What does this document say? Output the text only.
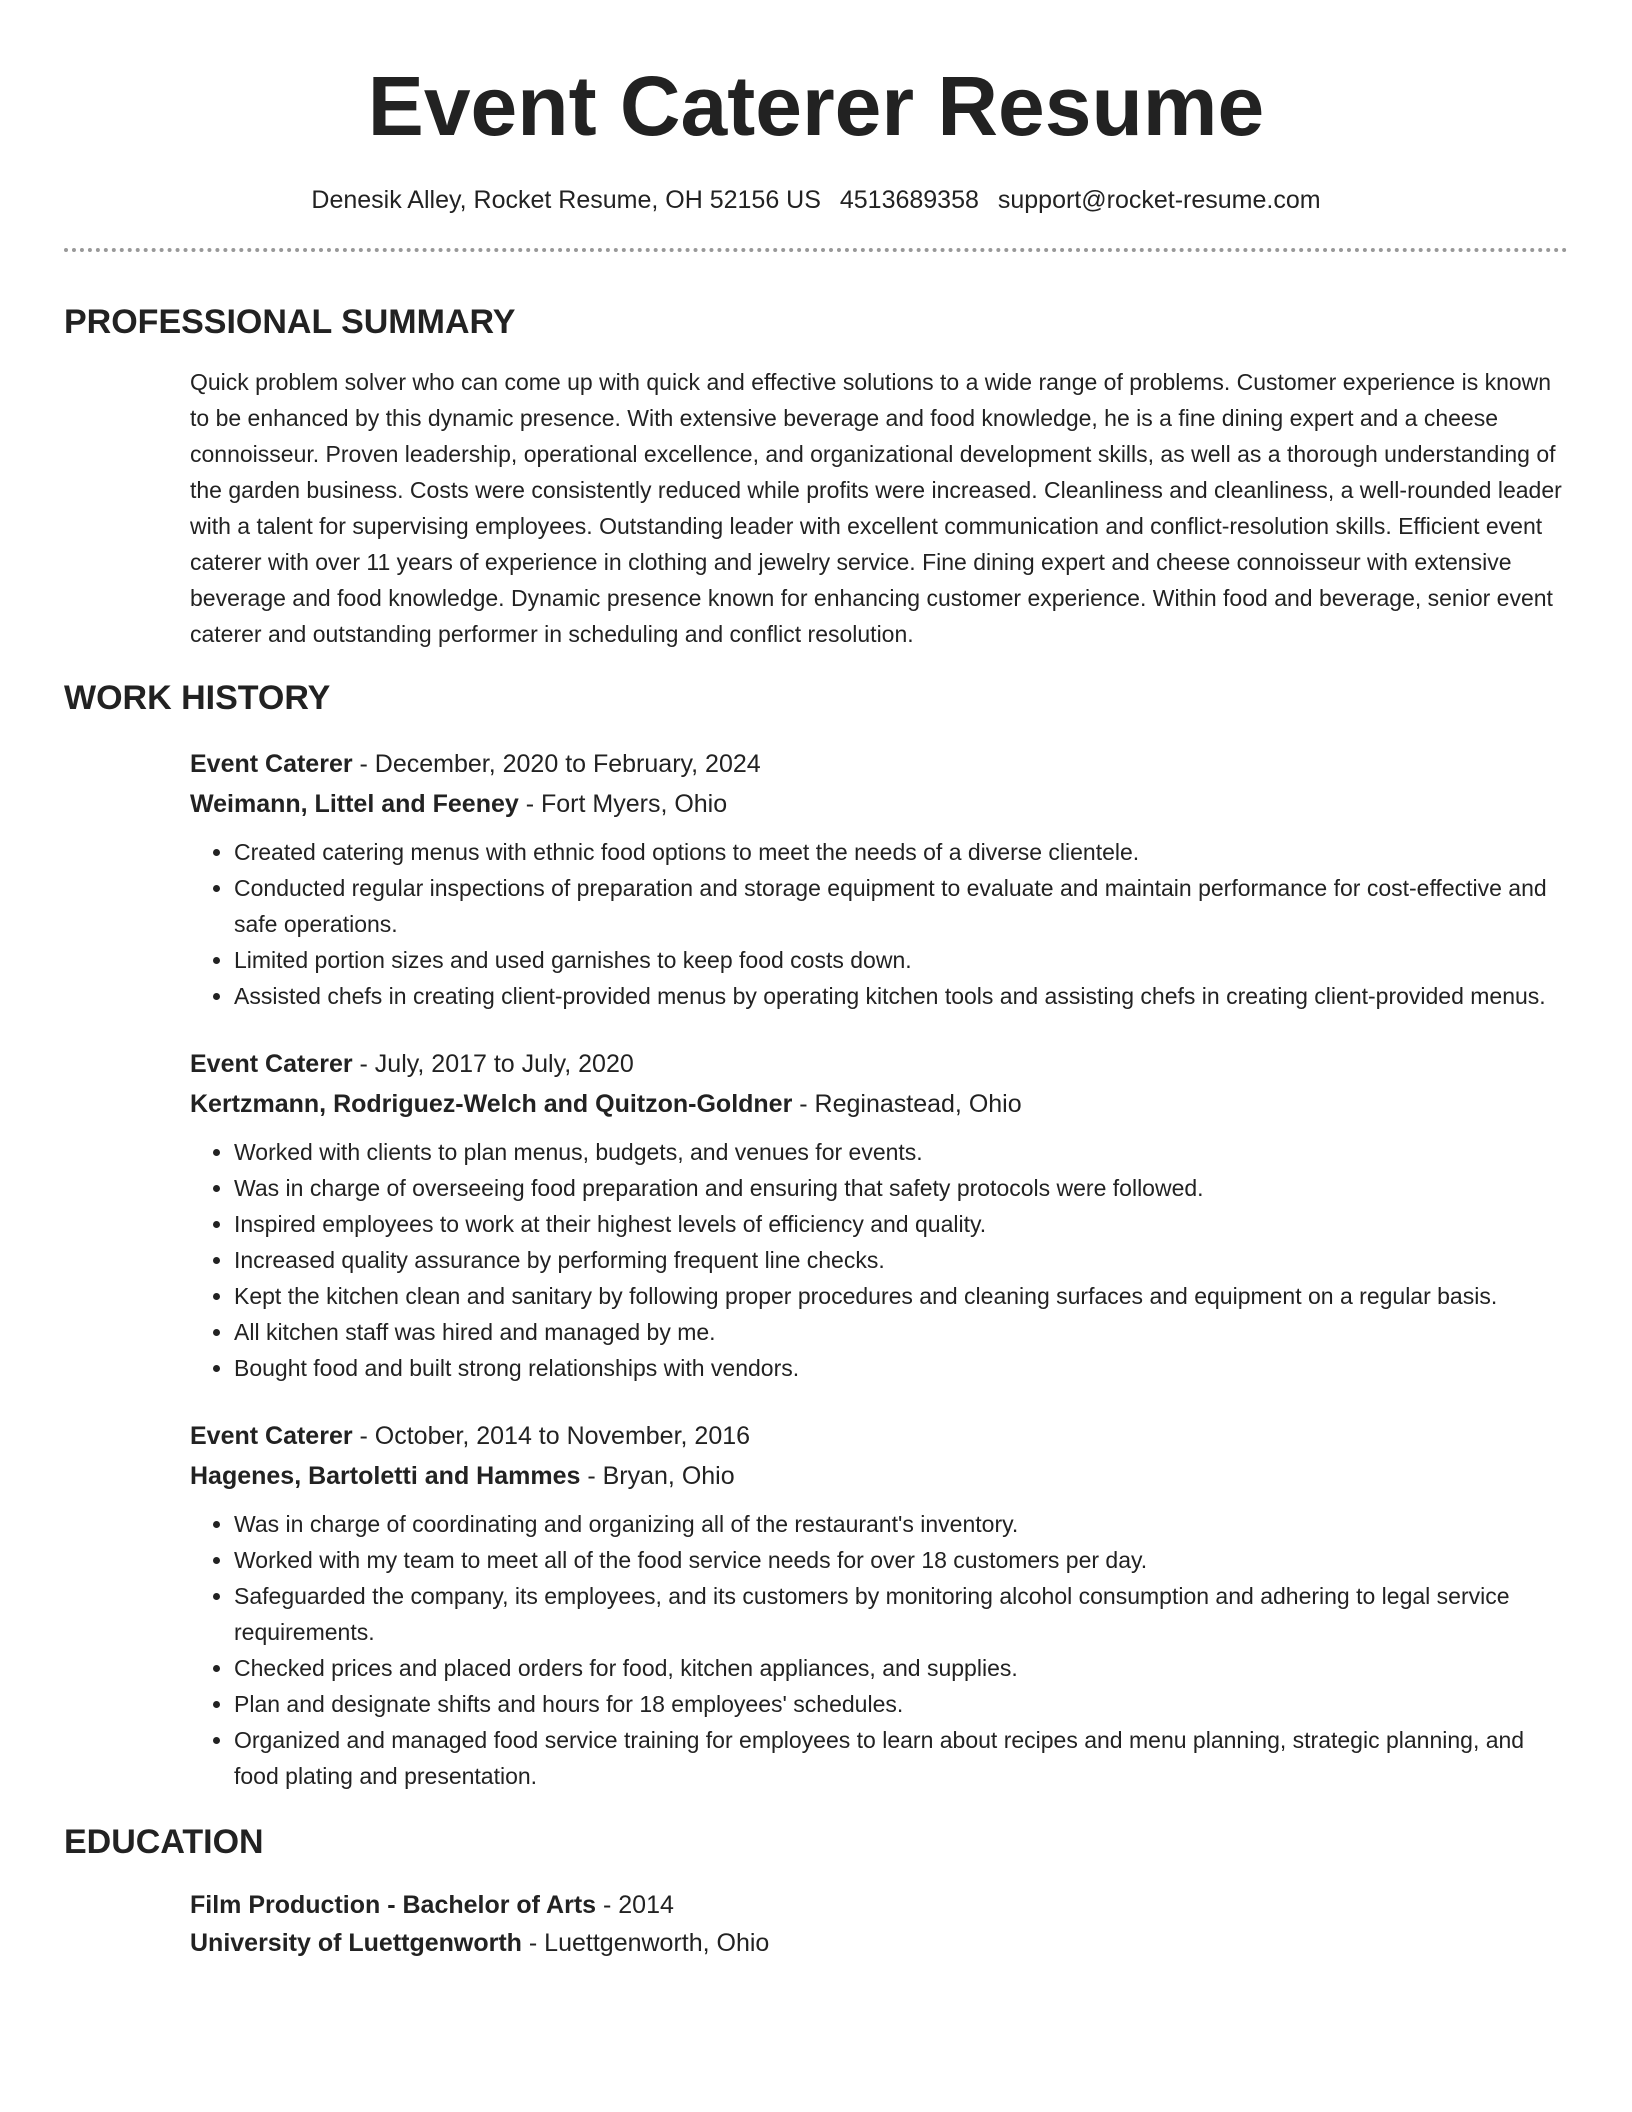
Event Caterer Resume
Denesik Alley, Rocket Resume, OH 52156 US 4513689358 support@rocket-resume.com
PROFESSIONAL SUMMARY
Quick problem solver who can come up with quick and effective solutions to a wide range of problems. Customer experience is known to be enhanced by this dynamic presence. With extensive beverage and food knowledge, he is a fine dining expert and a cheese connoisseur. Proven leadership, operational excellence, and organizational development skills, as well as a thorough understanding of the garden business. Costs were consistently reduced while profits were increased. Cleanliness and cleanliness, a well-rounded leader with a talent for supervising employees. Outstanding leader with excellent communication and conflict-resolution skills. Efficient event caterer with over 11 years of experience in clothing and jewelry service. Fine dining expert and cheese connoisseur with extensive beverage and food knowledge. Dynamic presence known for enhancing customer experience. Within food and beverage, senior event caterer and outstanding performer in scheduling and conflict resolution.
WORK HISTORY
Event Caterer - December, 2020 to February, 2024
Weimann, Littel and Feeney - Fort Myers, Ohio
• Created catering menus with ethnic food options to meet the needs of a diverse clientele.
• Conducted regular inspections of preparation and storage equipment to evaluate and maintain performance for cost-effective and safe operations.
• Limited portion sizes and used garnishes to keep food costs down.
• Assisted chefs in creating client-provided menus by operating kitchen tools and assisting chefs in creating client-provided menus.
Event Caterer - July, 2017 to July, 2020
Kertzmann, Rodriguez-Welch and Quitzon-Goldner - Reginastead, Ohio
• Worked with clients to plan menus, budgets, and venues for events.
• Was in charge of overseeing food preparation and ensuring that safety protocols were followed.
• Inspired employees to work at their highest levels of efficiency and quality.
• Increased quality assurance by performing frequent line checks.
• Kept the kitchen clean and sanitary by following proper procedures and cleaning surfaces and equipment on a regular basis.
• All kitchen staff was hired and managed by me.
• Bought food and built strong relationships with vendors.
Event Caterer - October, 2014 to November, 2016
Hagenes, Bartoletti and Hammes - Bryan, Ohio
• Was in charge of coordinating and organizing all of the restaurant's inventory.
• Worked with my team to meet all of the food service needs for over 18 customers per day.
• Safeguarded the company, its employees, and its customers by monitoring alcohol consumption and adhering to legal service requirements.
• Checked prices and placed orders for food, kitchen appliances, and supplies.
• Plan and designate shifts and hours for 18 employees' schedules.
• Organized and managed food service training for employees to learn about recipes and menu planning, strategic planning, and food plating and presentation.
EDUCATION
Film Production - Bachelor of Arts - 2014
University of Luettgenworth - Luettgenworth, Ohio
